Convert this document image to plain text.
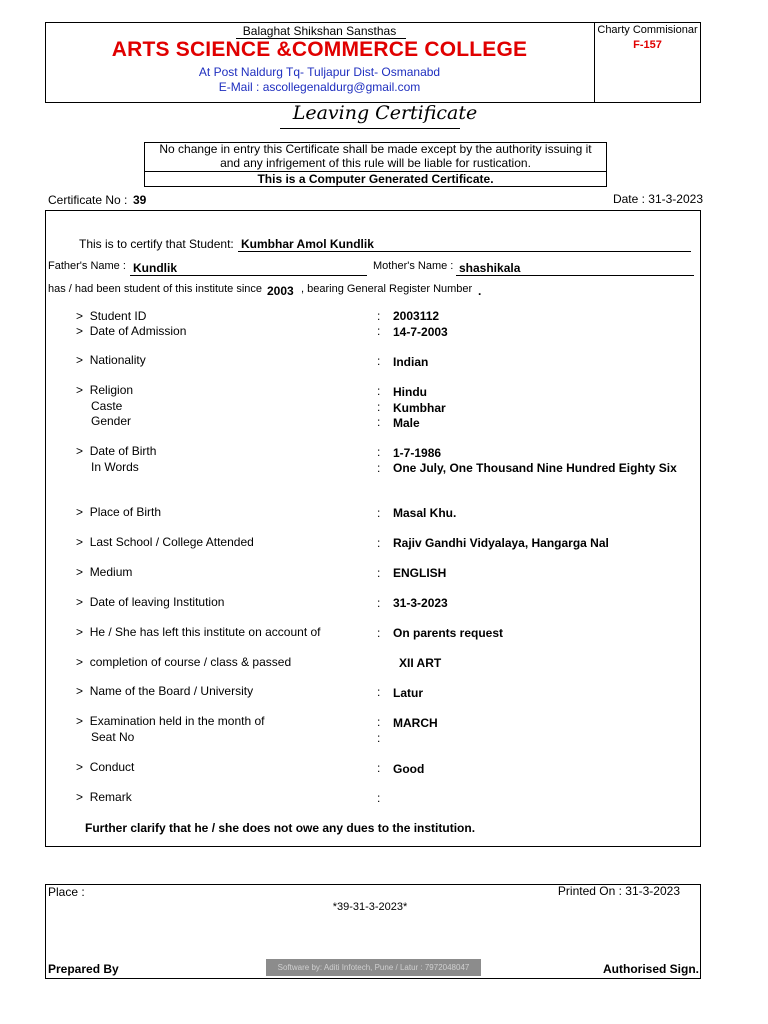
Balaghat Shikshan Sansthas
ARTS SCIENCE &COMMERCE COLLEGE
At Post Naldurg Tq- Tuljapur Dist- Osmanabd
E-Mail : ascollegenaldurg@gmail.com
Charty Commisionar
F-157
Leaving Certificate
No change in entry this Certificate shall be made except by the authority issuing it
and any infrigement of this rule will be liable for rustication.
This is a Computer Generated Certificate.
Certificate No : 39	Date : 31-3-2023
This is to certify that Student: Kumbhar Amol Kundlik
Father's Name : Kundlik	Mother's Name : shashikala
has / had been student of this institute since 2003 , bearing General Register Number .
> Student ID	: 2003112
> Date of Admission	: 14-7-2003
> Nationality	: Indian
> Religion	: Hindu
Caste	: Kumbhar
Gender	: Male
> Date of Birth	: 1-7-1986
In Words	: One July, One Thousand Nine Hundred Eighty Six
> Place of Birth	: Masal Khu.
> Last School / College Attended	: Rajiv Gandhi Vidyalaya, Hangarga Nal
> Medium	: ENGLISH
> Date of leaving Institution	: 31-3-2023
> He / She has left this institute on account of	: On parents request
> completion of course / class & passed	XII ART
> Name of the Board / University	: Latur
> Examination held in the month of	: MARCH
Seat No	:
> Conduct	: Good
> Remark	:
Further clarify that he / she does not owe any dues to the institution.
Place :	Printed On : 31-3-2023
*39-31-3-2023*
Prepared By	Software by: Aditi Infotech, Pune / Latur : 7972048047	Authorised Sign.
